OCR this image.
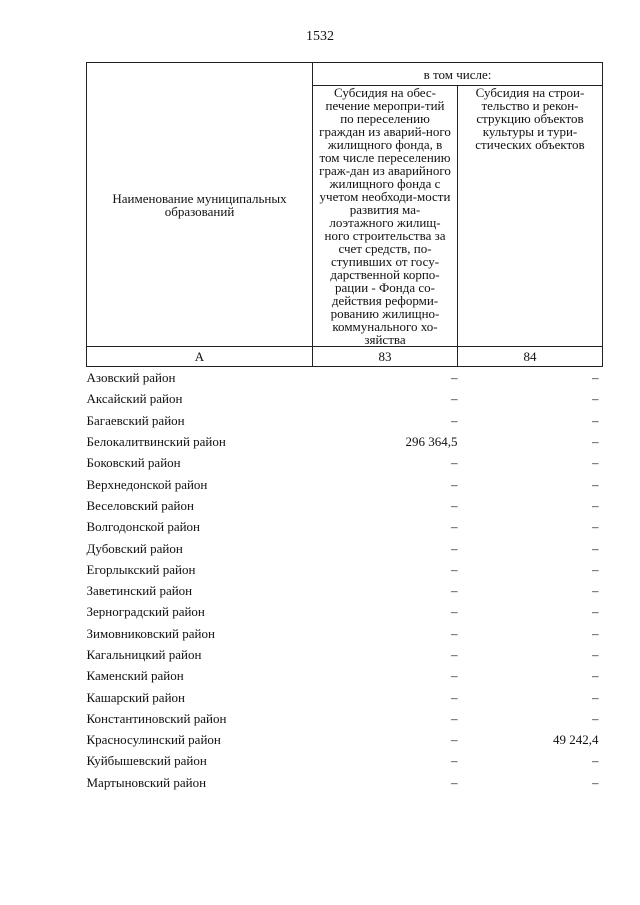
1532
Наименование муниципальных образований	в том числе:	

	Субсидия на обес-печение меропри-тий по переселению граждан из аварий-ного жилищного фонда, в том числе переселению граж-дан из аварийного жилищного фонда с учетом необходи-мости развития ма-лоэтажного жилищ-ного строительства за счет средств, по-ступивших от госу-дарственной корпо-рации - Фонда со-действия реформи-рованию жилищно-коммунального хо-зяйства	Субсидия на строи-тельство и рекон-струкцию объектов культуры и тури-стических объектов

А	83	84
Азовский район	–	–
Аксайский район	–	–
Багаевский район	–	–
Белокалитвинский район	296 364,5	–
Боковский район	–	–
Верхнедонской район	–	–
Веселовский район	–	–
Волгодонской район	–	–
Дубовский район	–	–
Егорлыкский район	–	–
Заветинский район	–	–
Зерноградский район	–	–
Зимовниковский район	–	–
Кагальницкий район	–	–
Каменский район	–	–
Кашарский район	–	–
Константиновский район	–	–
Красносулинский район	–	49 242,4
Куйбышевский район	–	–
Мартыновский район	–	–
